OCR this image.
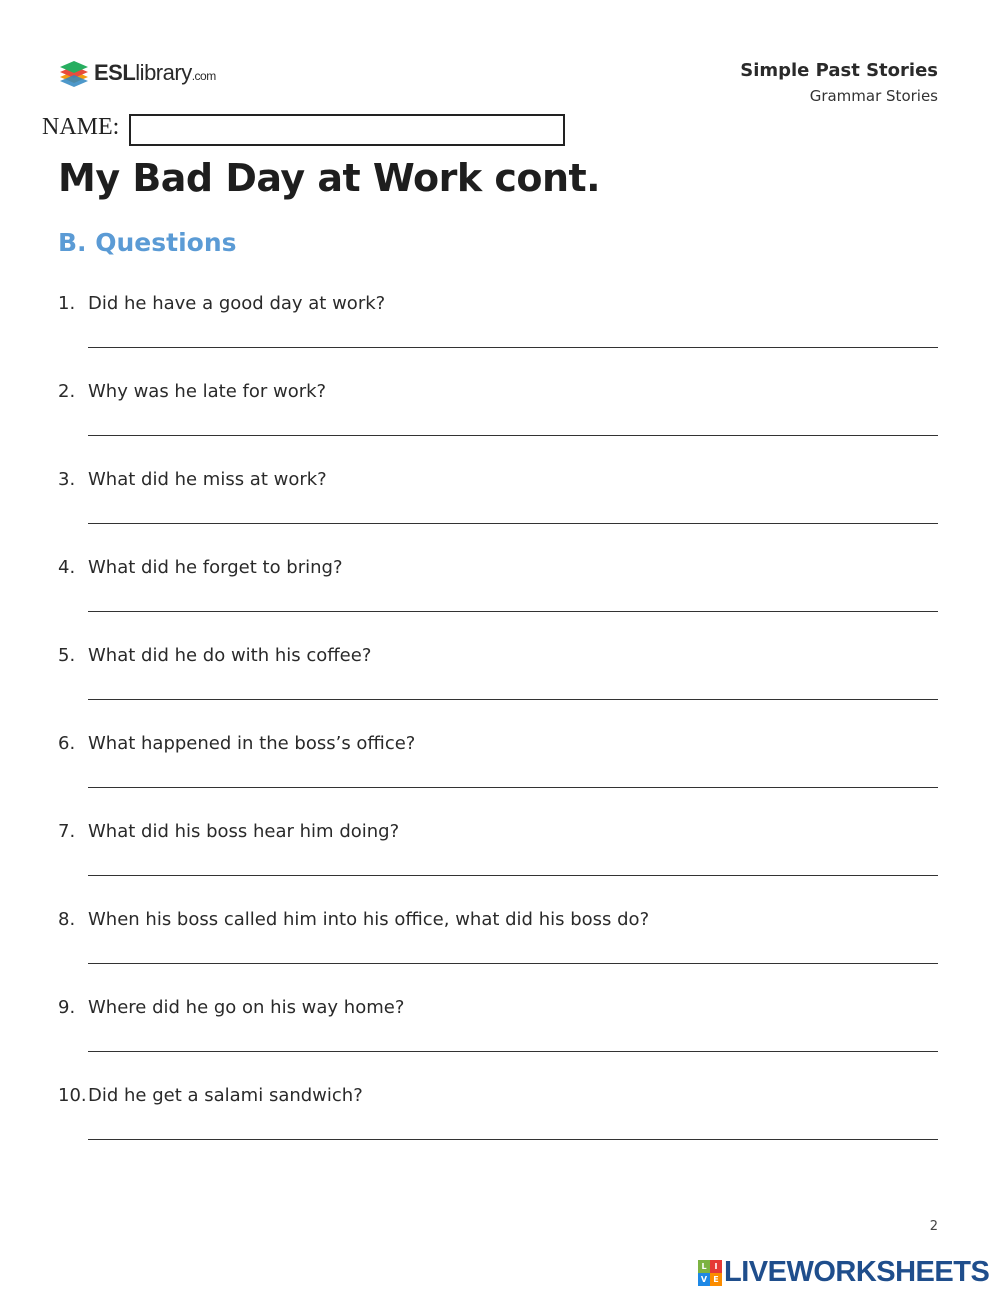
ESLlibrary.com	Simple Past Stories
Grammar Stories
NAME:
My Bad Day at Work cont.
B. Questions
1. Did he have a good day at work?
2. Why was he late for work?
3. What did he miss at work?
4. What did he forget to bring?
5. What did he do with his coffee?
6. What happened in the boss’s office?
7. What did his boss hear him doing?
8. When his boss called him into his office, what did his boss do?
9. Where did he go on his way home?
10. Did he get a salami sandwich?
2
L I
V E LIVEWORKSHEETS
